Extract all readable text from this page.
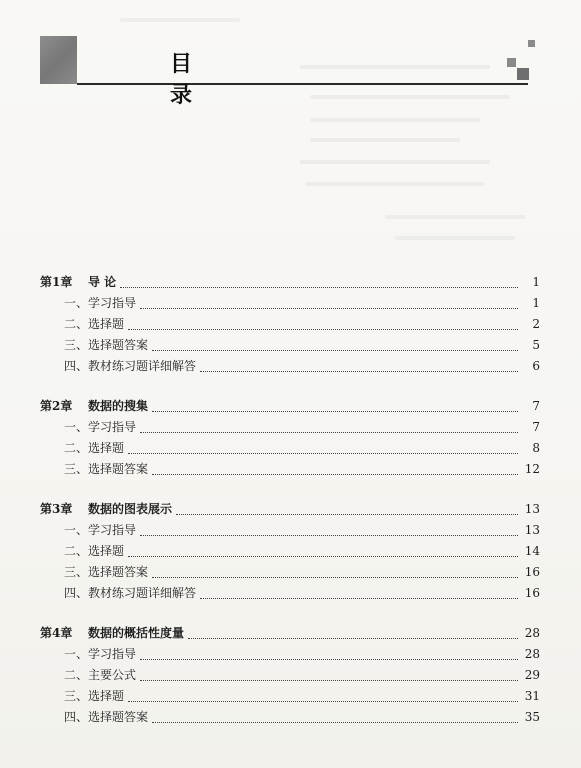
目 录
第1章	导 论	1
一、学习指导	1
二、选择题	2
三、选择题答案	5
四、教材练习题详细解答	6
第2章	数据的搜集	7
一、学习指导	7
二、选择题	8
三、选择题答案	12
第3章	数据的图表展示	13
一、学习指导	13
二、选择题	14
三、选择题答案	16
四、教材练习题详细解答	16
第4章	数据的概括性度量	28
一、学习指导	28
二、主要公式	29
三、选择题	31
四、选择题答案	35
